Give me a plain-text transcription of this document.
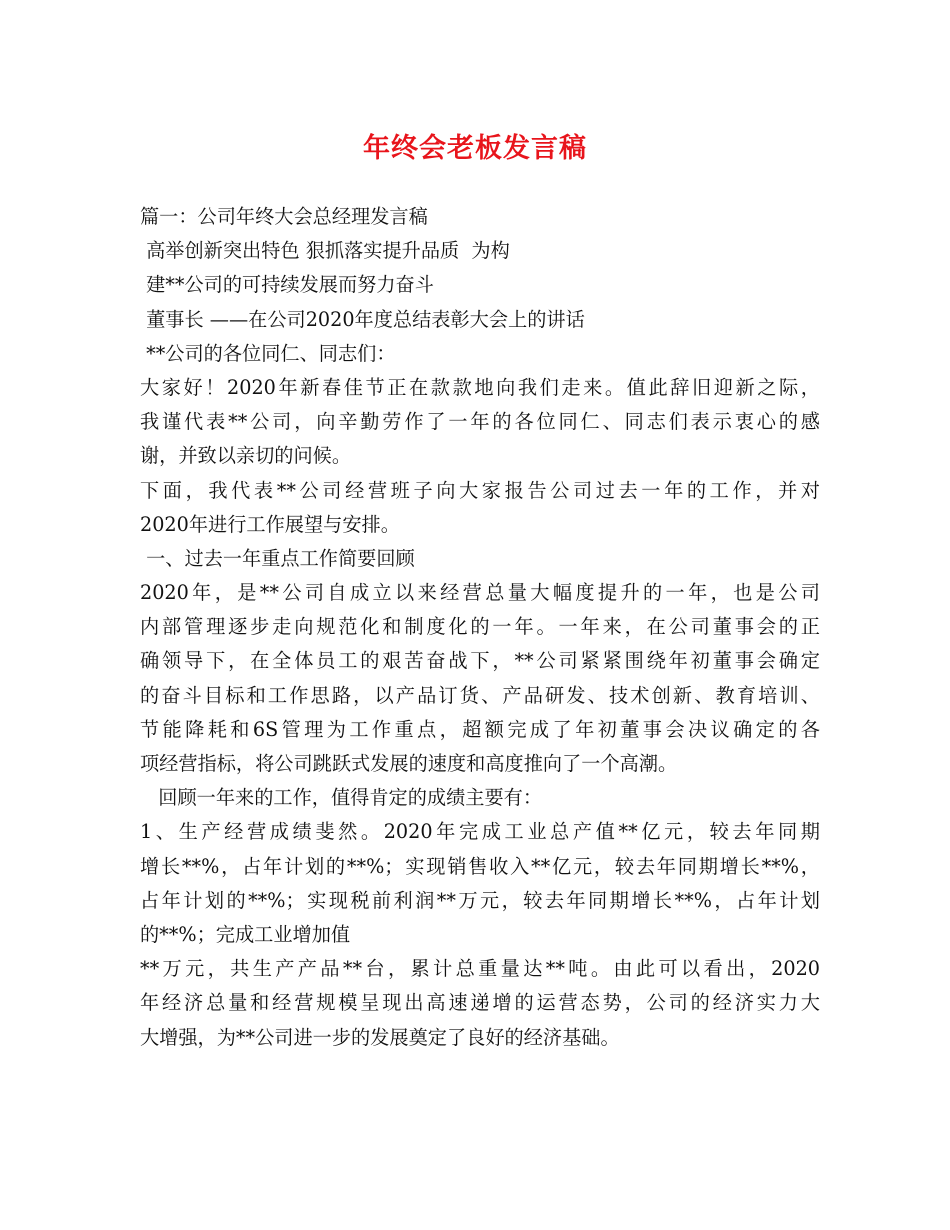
年终会老板发言稿
篇一：公司年终大会总经理发言稿
高举创新突出特色 狠抓落实提升品质  为构
建**公司的可持续发展而努力奋斗
董事长 ——在公司2020年度总结表彰大会上的讲话
**公司的各位同仁、同志们：
大家好！2020年新春佳节正在款款地向我们走来。值此辞旧迎新之际，
我谨代表**公司，向辛勤劳作了一年的各位同仁、同志们表示衷心的感
谢，并致以亲切的问候。
下面，我代表**公司经营班子向大家报告公司过去一年的工作，并对
2020年进行工作展望与安排。
一、过去一年重点工作简要回顾
2020年，是**公司自成立以来经营总量大幅度提升的一年，也是公司
内部管理逐步走向规范化和制度化的一年。一年来，在公司董事会的正
确领导下，在全体员工的艰苦奋战下，**公司紧紧围绕年初董事会确定
的奋斗目标和工作思路，以产品订货、产品研发、技术创新、教育培训、
节能降耗和6S管理为工作重点，超额完成了年初董事会决议确定的各
项经营指标，将公司跳跃式发展的速度和高度推向了一个高潮。
回顾一年来的工作，值得肯定的成绩主要有：
1、生产经营成绩斐然。2020年完成工业总产值**亿元，较去年同期
增长**%，占年计划的**%；实现销售收入**亿元，较去年同期增长**%，
占年计划的**%；实现税前利润**万元，较去年同期增长**%，占年计划
的**%；完成工业增加值
**万元，共生产产品**台，累计总重量达**吨。由此可以看出，2020
年经济总量和经营规模呈现出高速递增的运营态势，公司的经济实力大
大增强，为**公司进一步的发展奠定了良好的经济基础。
